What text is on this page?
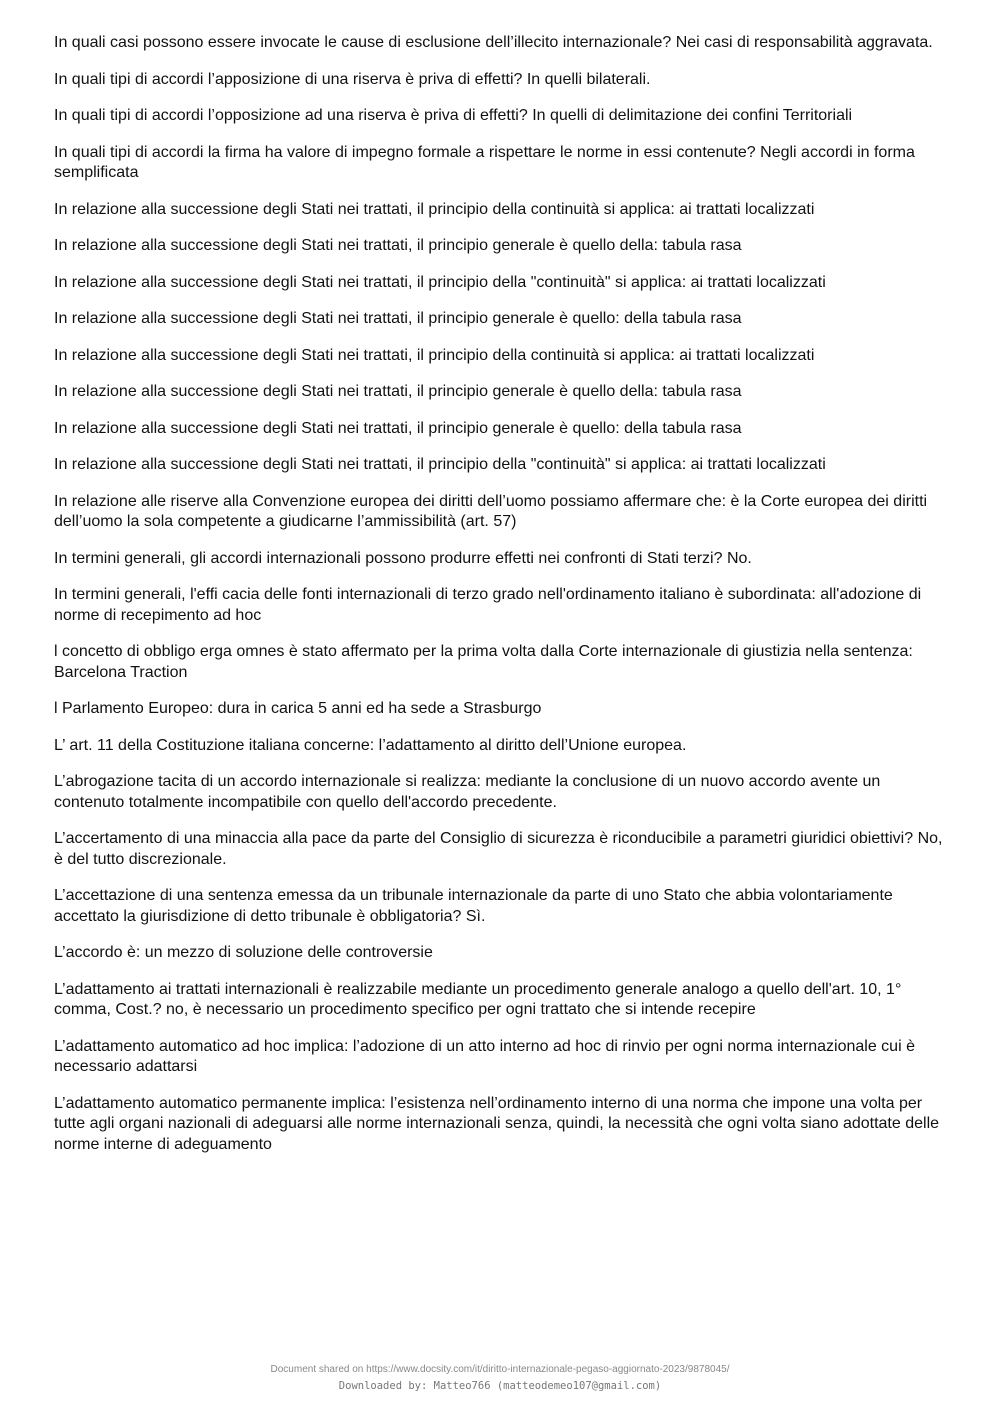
In quali casi possono essere invocate le cause di esclusione dell’illecito internazionale? Nei casi di responsabilità aggravata.

In quali tipi di accordi l’apposizione di una riserva è priva di effetti? In quelli bilaterali.

In quali tipi di accordi l’opposizione ad una riserva è priva di effetti? In quelli di delimitazione dei confini Territoriali

In quali tipi di accordi la firma ha valore di impegno formale a rispettare le norme in essi contenute? Negli accordi in forma semplificata

In relazione alla successione degli Stati nei trattati, il principio della continuità si applica: ai trattati localizzati

In relazione alla successione degli Stati nei trattati, il principio generale è quello della: tabula rasa

In relazione alla successione degli Stati nei trattati, il principio della "continuità" si applica: ai trattati localizzati

In relazione alla successione degli Stati nei trattati, il principio generale è quello: della tabula rasa

In relazione alla successione degli Stati nei trattati, il principio della continuità si applica: ai trattati localizzati

In relazione alla successione degli Stati nei trattati, il principio generale è quello della: tabula rasa

In relazione alla successione degli Stati nei trattati, il principio generale è quello: della tabula rasa

In relazione alla successione degli Stati nei trattati, il principio della "continuità" si applica: ai trattati localizzati

In relazione alle riserve alla Convenzione europea dei diritti dell’uomo possiamo affermare che: è la Corte europea dei diritti dell’uomo la sola competente a giudicarne l’ammissibilità (art. 57)

In termini generali, gli accordi internazionali possono produrre effetti nei confronti di Stati terzi? No.

In termini generali, l'effi cacia delle fonti internazionali di terzo grado nell'ordinamento italiano è subordinata: all'adozione di norme di recepimento ad hoc

l concetto di obbligo erga omnes è stato affermato per la prima volta dalla Corte internazionale di giustizia nella sentenza: Barcelona Traction

l Parlamento Europeo: dura in carica 5 anni ed ha sede a Strasburgo

L’ art. 11 della Costituzione italiana concerne: l’adattamento al diritto dell’Unione europea.

L’abrogazione tacita di un accordo internazionale si realizza: mediante la conclusione di un nuovo accordo avente un contenuto totalmente incompatibile con quello dell'accordo precedente.

L’accertamento di una minaccia alla pace da parte del Consiglio di sicurezza è riconducibile a parametri giuridici obiettivi? No, è del tutto discrezionale.

L’accettazione di una sentenza emessa da un tribunale internazionale da parte di uno Stato che abbia volontariamente accettato la giurisdizione di detto tribunale è obbligatoria? Sì.

L’accordo è: un mezzo di soluzione delle controversie

L’adattamento ai trattati internazionali è realizzabile mediante un procedimento generale analogo a quello dell'art. 10, 1° comma, Cost.? no, è necessario un procedimento specifico per ogni trattato che si intende recepire

L’adattamento automatico ad hoc implica: l’adozione di un atto interno ad hoc di rinvio per ogni norma internazionale cui è necessario adattarsi

L’adattamento automatico permanente implica: l’esistenza nell’ordinamento interno di una norma che impone una volta per tutte agli organi nazionali di adeguarsi alle norme internazionali senza, quindi, la necessità che ogni volta siano adottate delle norme interne di adeguamento

Document shared on https://www.docsity.com/it/diritto-internazionale-pegaso-aggiornato-2023/9878045/
Downloaded by: Matteo766 (matteodemeo107@gmail.com)
